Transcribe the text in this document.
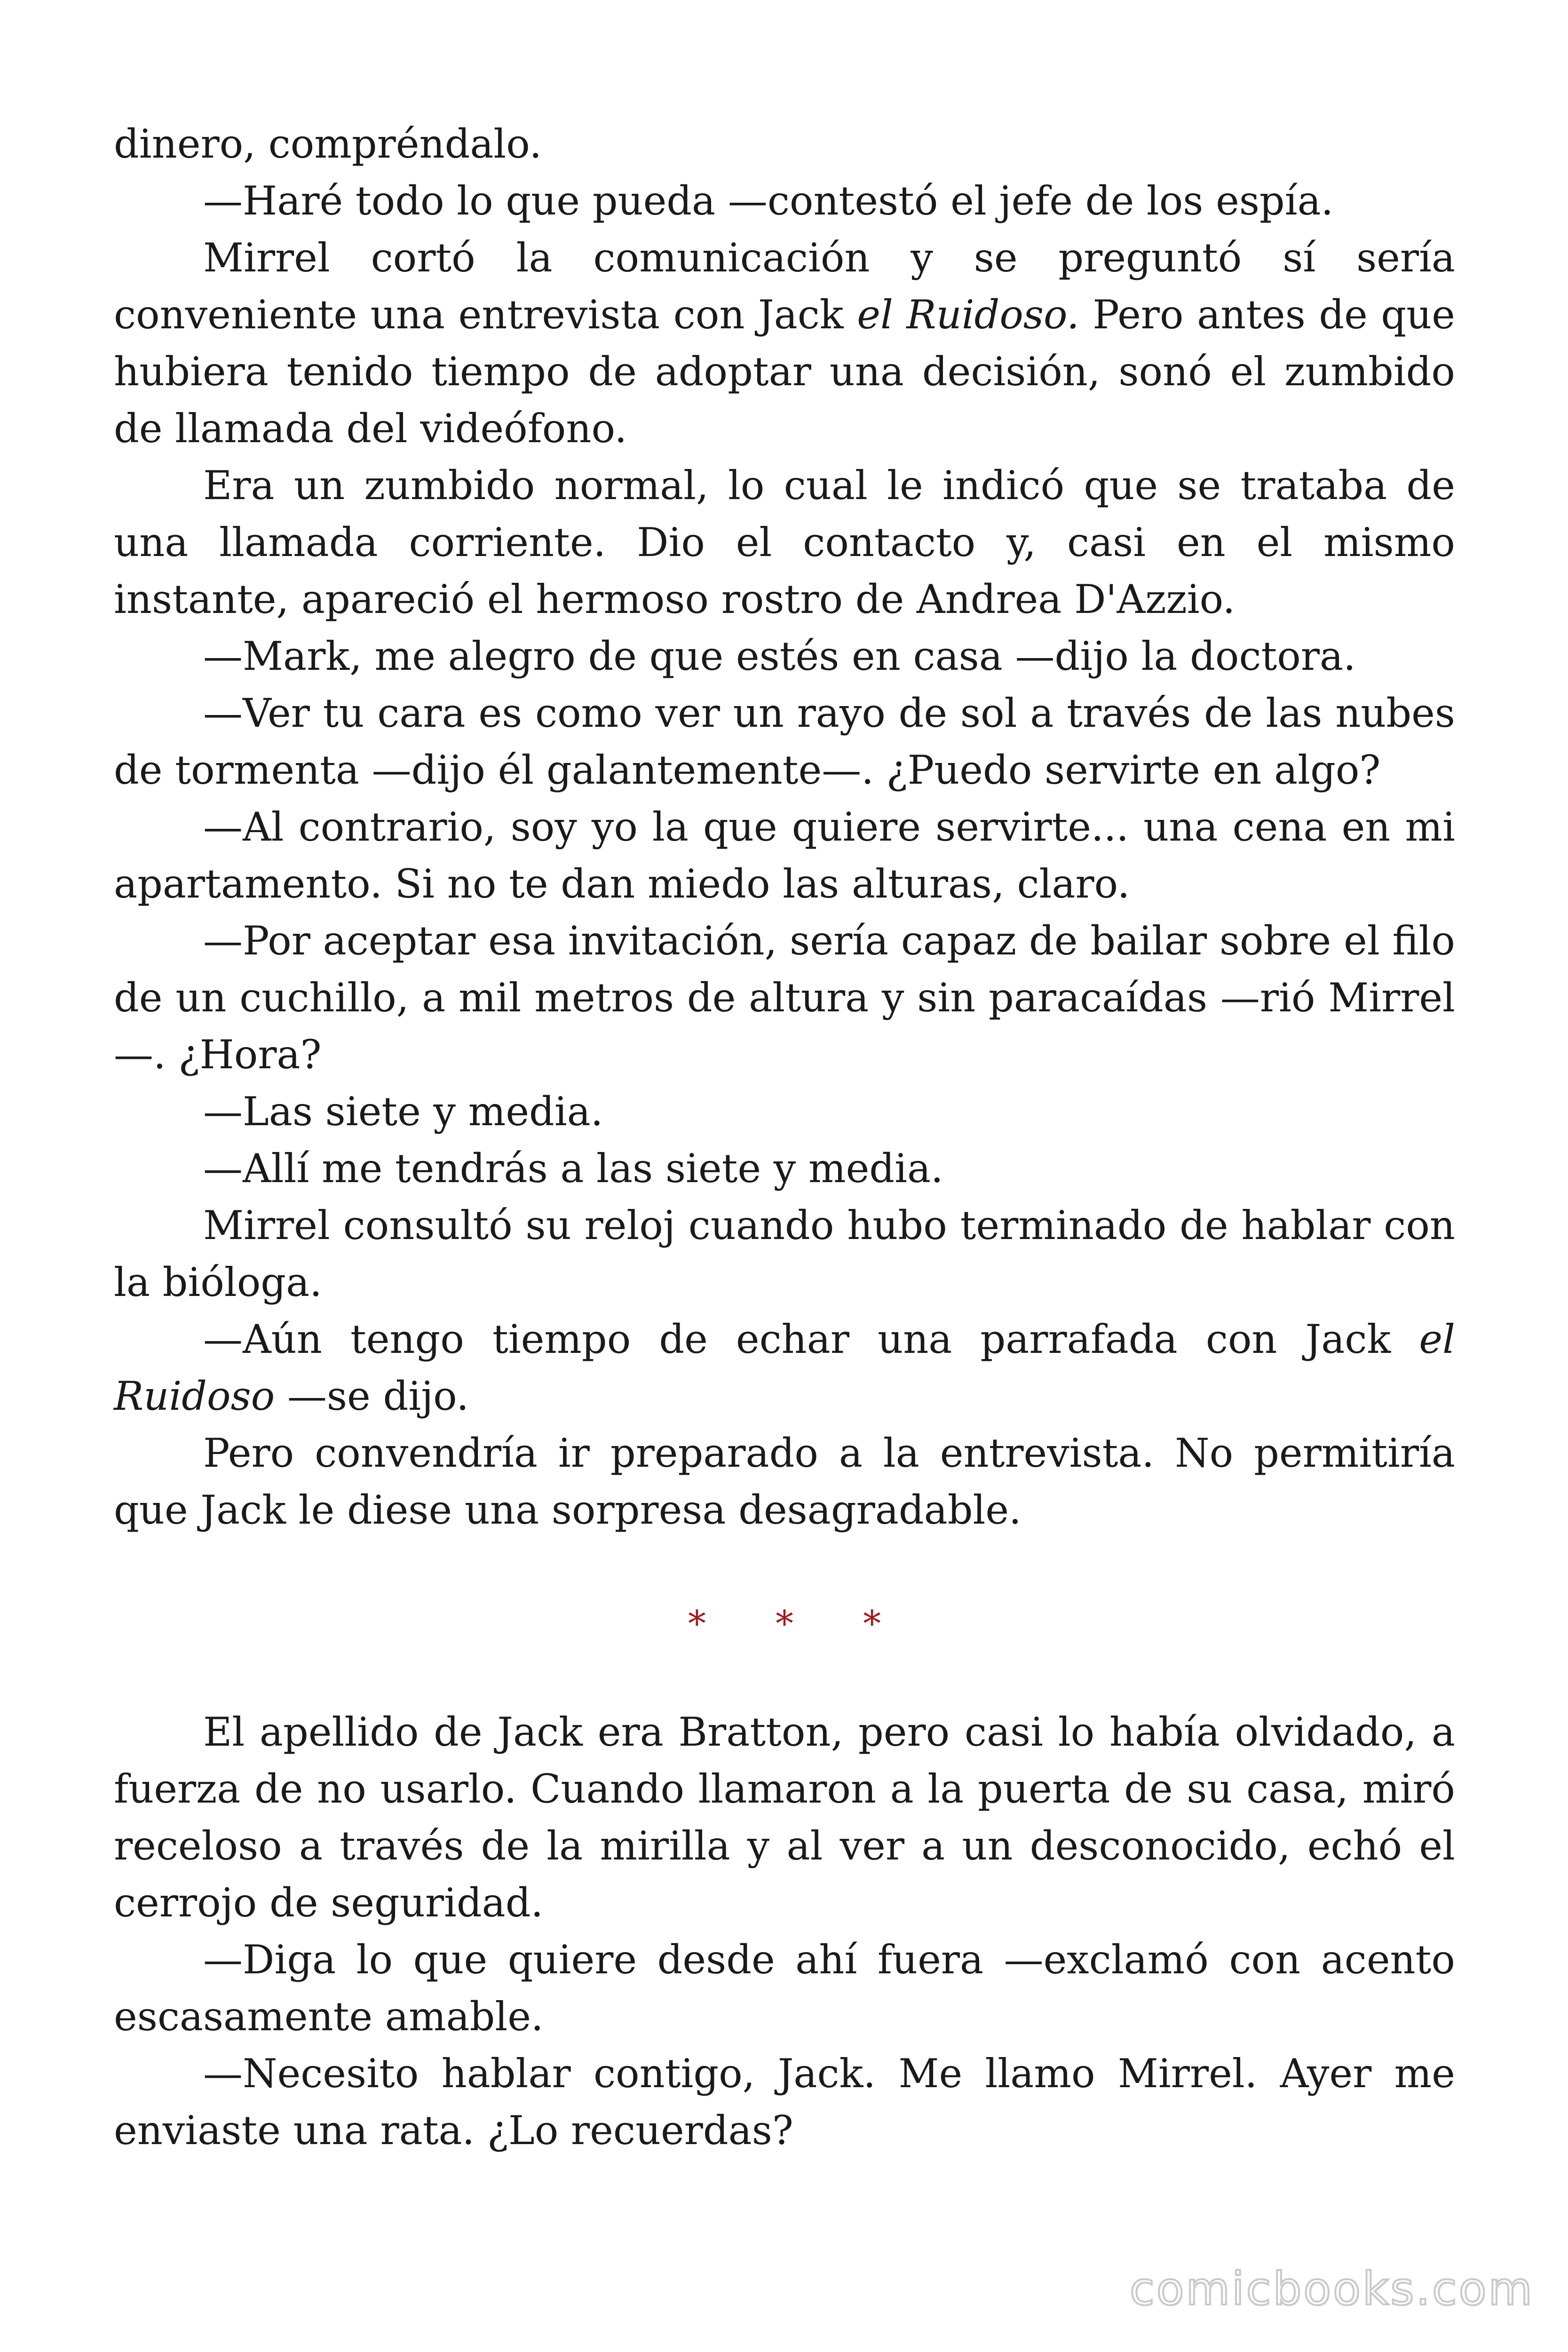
dinero, compréndalo.

—Haré todo lo que pueda —contestó el jefe de los espía.

Mirrel cortó la comunicación y se preguntó sí sería conveniente una entrevista con Jack el Ruidoso. Pero antes de que hubiera tenido tiempo de adoptar una decisión, sonó el zumbido de llamada del videófono.

Era un zumbido normal, lo cual le indicó que se trataba de una llamada corriente. Dio el contacto y, casi en el mismo instante, apareció el hermoso rostro de Andrea D'Azzio.

—Mark, me alegro de que estés en casa —dijo la doctora.

—Ver tu cara es como ver un rayo de sol a través de las nubes de tormenta —dijo él galantemente—. ¿Puedo servirte en algo?

—Al contrario, soy yo la que quiere servirte... una cena en mi apartamento. Si no te dan miedo las alturas, claro.

—Por aceptar esa invitación, sería capaz de bailar sobre el filo de un cuchillo, a mil metros de altura y sin paracaídas —rió Mirrel—. ¿Hora?

—Las siete y media.

—Allí me tendrás a las siete y media.

Mirrel consultó su reloj cuando hubo terminado de hablar con la bióloga.

—Aún tengo tiempo de echar una parrafada con Jack el Ruidoso —se dijo.

Pero convendría ir preparado a la entrevista. No permitiría que Jack le diese una sorpresa desagradable.

* * *

El apellido de Jack era Bratton, pero casi lo había olvidado, a fuerza de no usarlo. Cuando llamaron a la puerta de su casa, miró receloso a través de la mirilla y al ver a un desconocido, echó el cerrojo de seguridad.

—Diga lo que quiere desde ahí fuera —exclamó con acento escasamente amable.

—Necesito hablar contigo, Jack. Me llamo Mirrel. Ayer me enviaste una rata. ¿Lo recuerdas?

comicbooks.com
